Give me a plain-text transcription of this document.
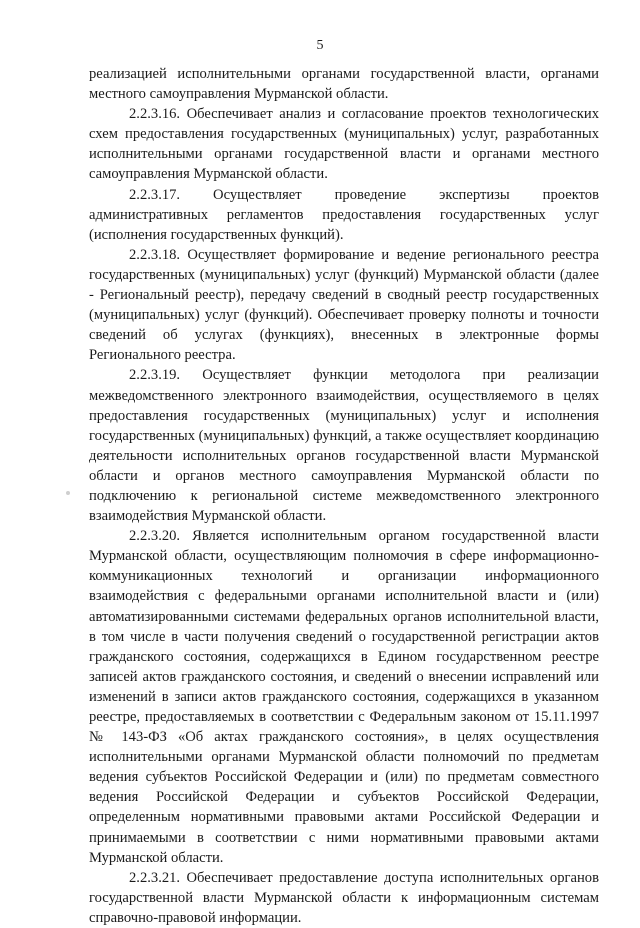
5

реализацией исполнительными органами государственной власти, органами местного самоуправления Мурманской области.

2.2.3.16. Обеспечивает анализ и согласование проектов технологических схем предоставления государственных (муниципальных) услуг, разработанных исполнительными органами государственной власти и органами местного самоуправления Мурманской области.

2.2.3.17. Осуществляет проведение экспертизы проектов административных регламентов предоставления государственных услуг (исполнения государственных функций).

2.2.3.18. Осуществляет формирование и ведение регионального реестра государственных (муниципальных) услуг (функций) Мурманской области (далее - Региональный реестр), передачу сведений в сводный реестр государственных (муниципальных) услуг (функций). Обеспечивает проверку полноты и точности сведений об услугах (функциях), внесенных в электронные формы Регионального реестра.

2.2.3.19. Осуществляет функции методолога при реализации межведомственного электронного взаимодействия, осуществляемого в целях предоставления государственных (муниципальных) услуг и исполнения государственных (муниципальных) функций, а также осуществляет координацию деятельности исполнительных органов государственной власти Мурманской области и органов местного самоуправления Мурманской области по подключению к региональной системе межведомственного электронного взаимодействия Мурманской области.

2.2.3.20. Является исполнительным органом государственной власти Мурманской области, осуществляющим полномочия в сфере информационно-коммуникационных технологий и организации информационного взаимодействия с федеральными органами исполнительной власти и (или) автоматизированными системами федеральных органов исполнительной власти, в том числе в части получения сведений о государственной регистрации актов гражданского состояния, содержащихся в Едином государственном реестре записей актов гражданского состояния, и сведений о внесении исправлений или изменений в записи актов гражданского состояния, содержащихся в указанном реестре, предоставляемых в соответствии с Федеральным законом от 15.11.1997 № 143-ФЗ «Об актах гражданского состояния», в целях осуществления исполнительными органами Мурманской области полномочий по предметам ведения субъектов Российской Федерации и (или) по предметам совместного ведения Российской Федерации и субъектов Российской Федерации, определенным нормативными правовыми актами Российской Федерации и принимаемыми в соответствии с ними нормативными правовыми актами Мурманской области.

2.2.3.21. Обеспечивает предоставление доступа исполнительных органов государственной власти Мурманской области к информационным системам справочно-правовой информации.
